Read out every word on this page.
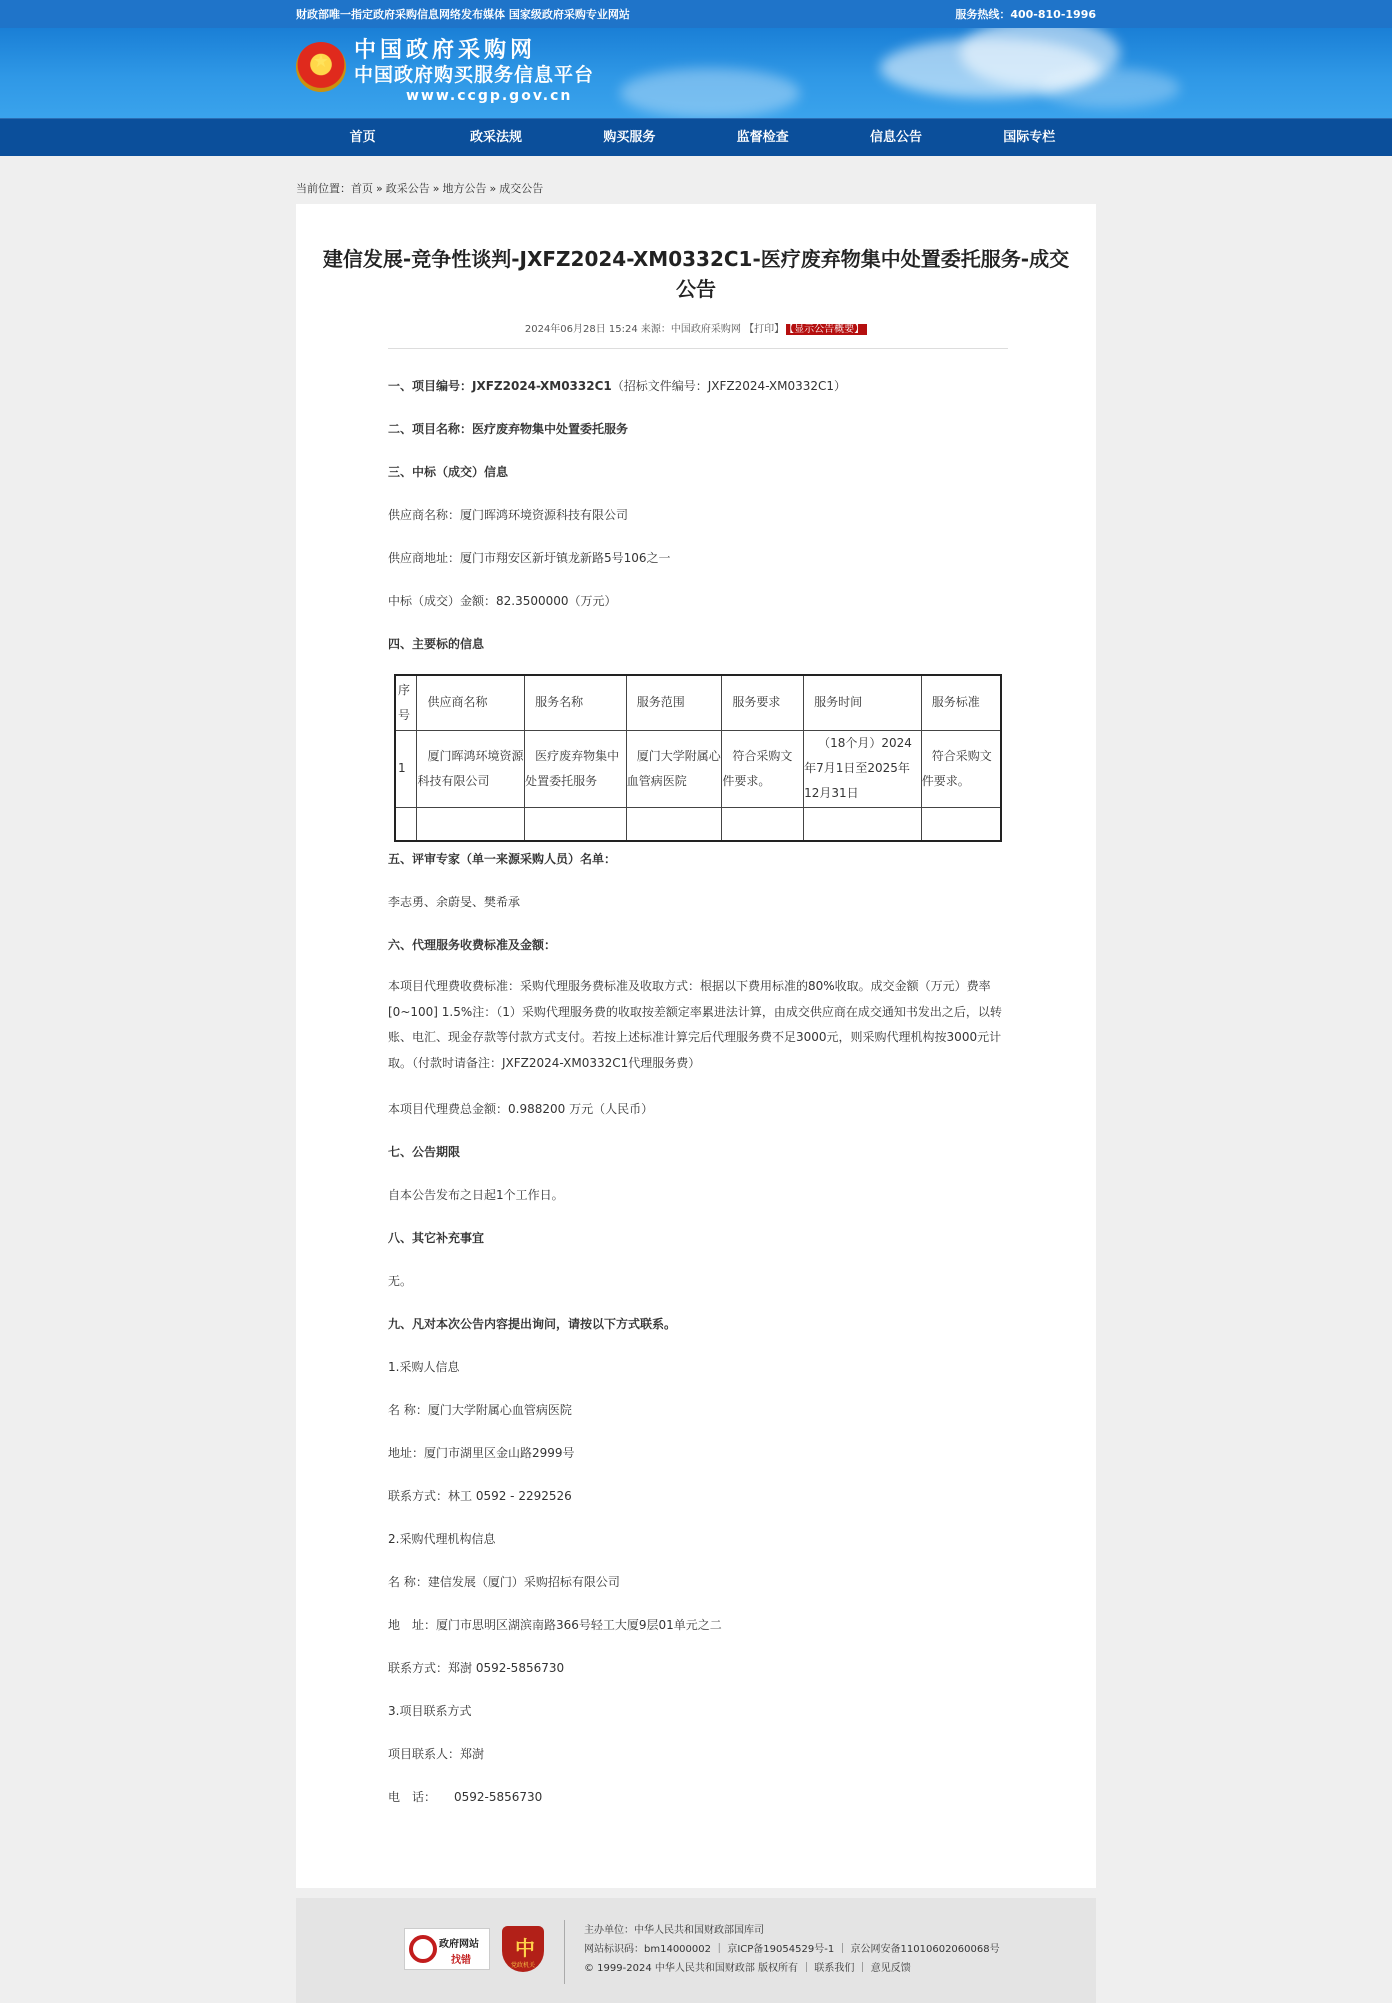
财政部唯一指定政府采购信息网络发布媒体 国家级政府采购专业网站	服务热线：400-810-1996
★
中国政府采购网
中国政府购买服务信息平台
www.ccgp.gov.cn
首页	政采法规	购买服务	监督检查	信息公告	国际专栏
当前位置：首页 » 政采公告 » 地方公告 » 成交公告
建信发展-竞争性谈判-JXFZ2024-XM0332C1-医疗废弃物集中处置委托服务-成交
公告
2024年06月28日 15:24 来源：中国政府采购网 【打印】 【显示公告概要】
一、项目编号：JXFZ2024-XM0332C1（招标文件编号：JXFZ2024-XM0332C1）
二、项目名称：医疗废弃物集中处置委托服务
三、中标（成交）信息
供应商名称：厦门晖鸿环境资源科技有限公司
供应商地址：厦门市翔安区新圩镇龙新路5号106之一
中标（成交）金额：82.3500000（万元）
四、主要标的信息
序号	供应商名称	服务名称	服务范围	服务要求	服务时间	服务标准
1	厦门晖鸿环境资源科技有限公司	医疗废弃物集中处置委托服务	厦门大学附属心血管病医院	符合采购文件要求。	（18个月）2024年7月1日至2025年12月31日	符合采购文件要求。

五、评审专家（单一来源采购人员）名单：
李志勇、余蔚旻、樊希承
六、代理服务收费标准及金额：
本项目代理费收费标准：采购代理服务费标准及收取方式：根据以下费用标准的80%收取。成交金额（万元）费率[0~100] 1.5%注：（1）采购代理服务费的收取按差额定率累进法计算，由成交供应商在成交通知书发出之后，以转账、电汇、现金存款等付款方式支付。若按上述标准计算完后代理服务费不足3000元，则采购代理机构按3000元计取。（付款时请备注：JXFZ2024-XM0332C1代理服务费）
本项目代理费总金额：0.988200 万元（人民币）
七、公告期限
自本公告发布之日起1个工作日。
八、其它补充事宜
无。
九、凡对本次公告内容提出询问，请按以下方式联系。
1.采购人信息
名 称：厦门大学附属心血管病医院
地址：厦门市湖里区金山路2999号
联系方式：林工 0592 - 2292526
2.采购代理机构信息
名 称：建信发展（厦门）采购招标有限公司
地　址：厦门市思明区湖滨南路366号轻工大厦9层01单元之二
联系方式：郑澍 0592-5856730
3.项目联系方式
项目联系人：郑澍
电　话：　　0592-5856730
政府网站
找错
中
党政机关
主办单位：中华人民共和国财政部国库司
网站标识码：bm14000002 ｜ 京ICP备19054529号-1 ｜ 京公网安备11010602060068号
© 1999-2024 中华人民共和国财政部 版权所有 ｜ 联系我们 ｜ 意见反馈
